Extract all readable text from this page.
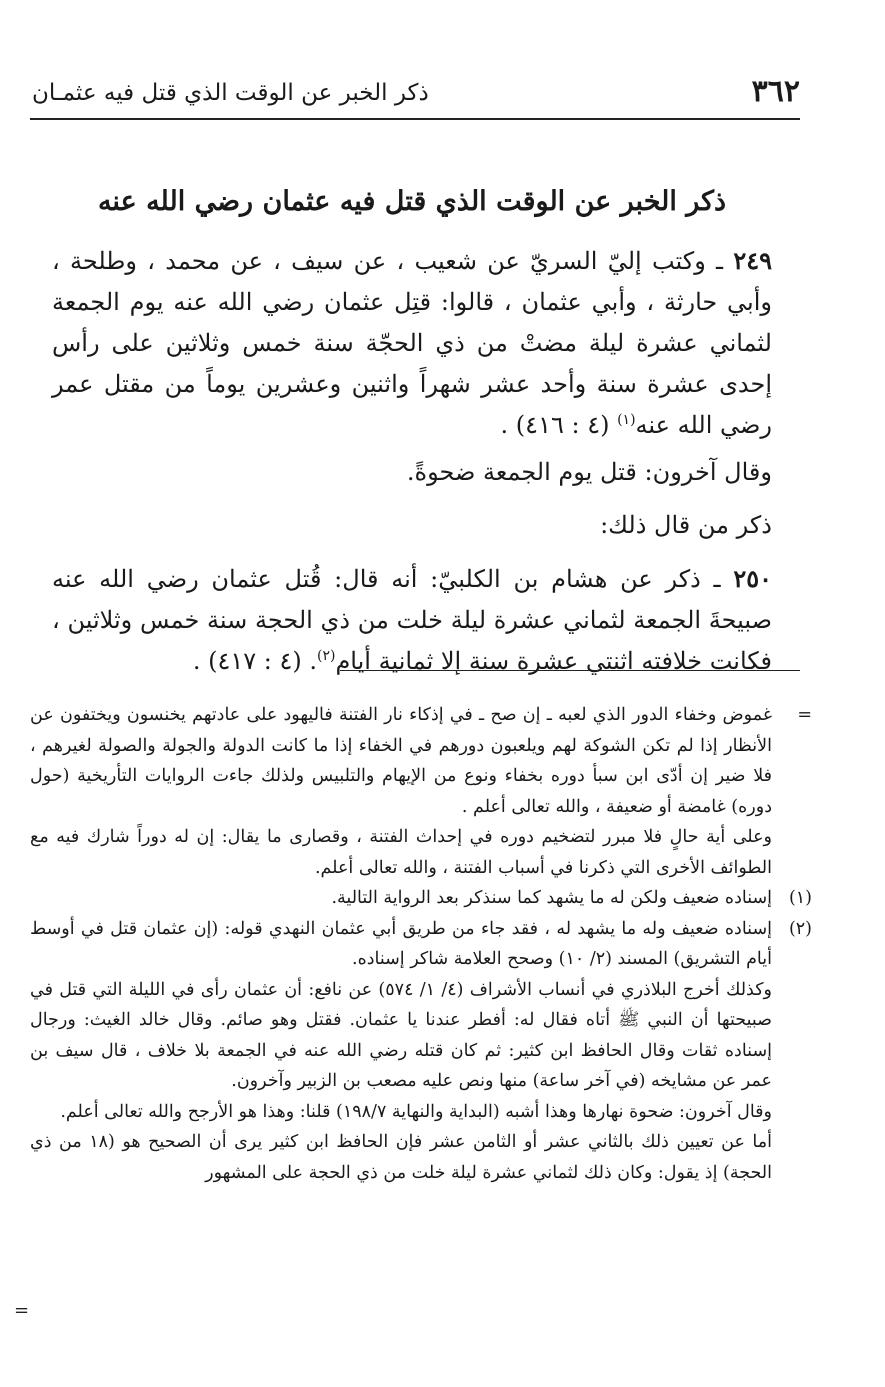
٣٦٢
ذكر الخبر عن الوقت الذي قتل فيه عثمـان
ذكر الخبر عن الوقت الذي قتل فيه عثمان رضي الله عنه

٢٤٩ ـ وكتب إليّ السريّ عن شعيب ، عن سيف ، عن محمد ، وطلحة ، وأبي حارثة ، وأبي عثمان ، قالوا: قتِل عثمان رضي الله عنه يوم الجمعة لثماني عشرة ليلة مضتْ من ذي الحجّة سنة خمس وثلاثين على رأس إحدى عشرة سنة وأحد عشر شهراً واثنين وعشرين يوماً من مقتل عمر رضي الله عنه$^{(١)}$ (٤ : ٤١٦) .

وقال آخرون: قتل يوم الجمعة ضحوةً.

ذكر من قال ذلك:

٢٥٠ ـ ذكر عن هشام بن الكلبيّ: أنه قال: قُتل عثمان رضي الله عنه صبيحةَ الجمعة لثماني عشرة ليلة خلت من ذي الحجة سنة خمس وثلاثين ، فكانت خلافته اثنتي عشرة سنة إلا ثمانية أيام$^{(٢)}$. (٤ : ٤١٧) .

=
غموض وخفاء الدور الذي لعبه ـ إن صح ـ في إذكاء نار الفتنة فاليهود على عادتهم يخنسون ويختفون عن الأنظار إذا لم تكن الشوكة لهم ويلعبون دورهم في الخفاء إذا ما كانت الدولة والجولة والصولة لغيرهم ، فلا ضير إن أدّى ابن سبأ دوره بخفاء ونوع من الإيهام والتلبيس ولذلك جاءت الروايات التأريخية (حول دوره) غامضة أو ضعيفة ، والله تعالى أعلم .

وعلى أية حالٍ فلا مبرر لتضخيم دوره في إحداث الفتنة ، وقصارى ما يقال: إن له دوراً شارك فيه مع الطوائف الأخرى التي ذكرنا في أسباب الفتنة ، والله تعالى أعلم.

(١)
إسناده ضعيف ولكن له ما يشهد كما سنذكر بعد الرواية التالية.

(٢)
إسناده ضعيف وله ما يشهد له ، فقد جاء من طريق أبي عثمان النهدي قوله: (إن عثمان قتل في أوسط أيام التشريق) المسند (٢/ ١٠) وصحح العلامة شاكر إسناده.

وكذلك أخرج البلاذري في أنساب الأشراف (٤/ ١/ ٥٧٤) عن نافع: أن عثمان رأى في الليلة التي قتل في صبيحتها أن النبي ﷺ أتاه فقال له: أفطر عندنا يا عثمان. فقتل وهو صائم. وقال خالد الغيث: ورجال إسناده ثقات وقال الحافظ ابن كثير: ثم كان قتله رضي الله عنه في الجمعة بلا خلاف ، قال سيف بن عمر عن مشايخه (في آخر ساعة) منها ونص عليه مصعب بن الزبير وآخرون.

وقال آخرون: ضحوة نهارها وهذا أشبه (البداية والنهاية ١٩٨/٧) قلنا: وهذا هو الأرجح والله تعالى أعلم.

أما عن تعيين ذلك بالثاني عشر أو الثامن عشر فإن الحافظ ابن كثير يرى أن الصحيح هو (١٨ من ذي الحجة) إذ يقول: وكان ذلك لثماني عشرة ليلة خلت من ذي الحجة على المشهور

=
